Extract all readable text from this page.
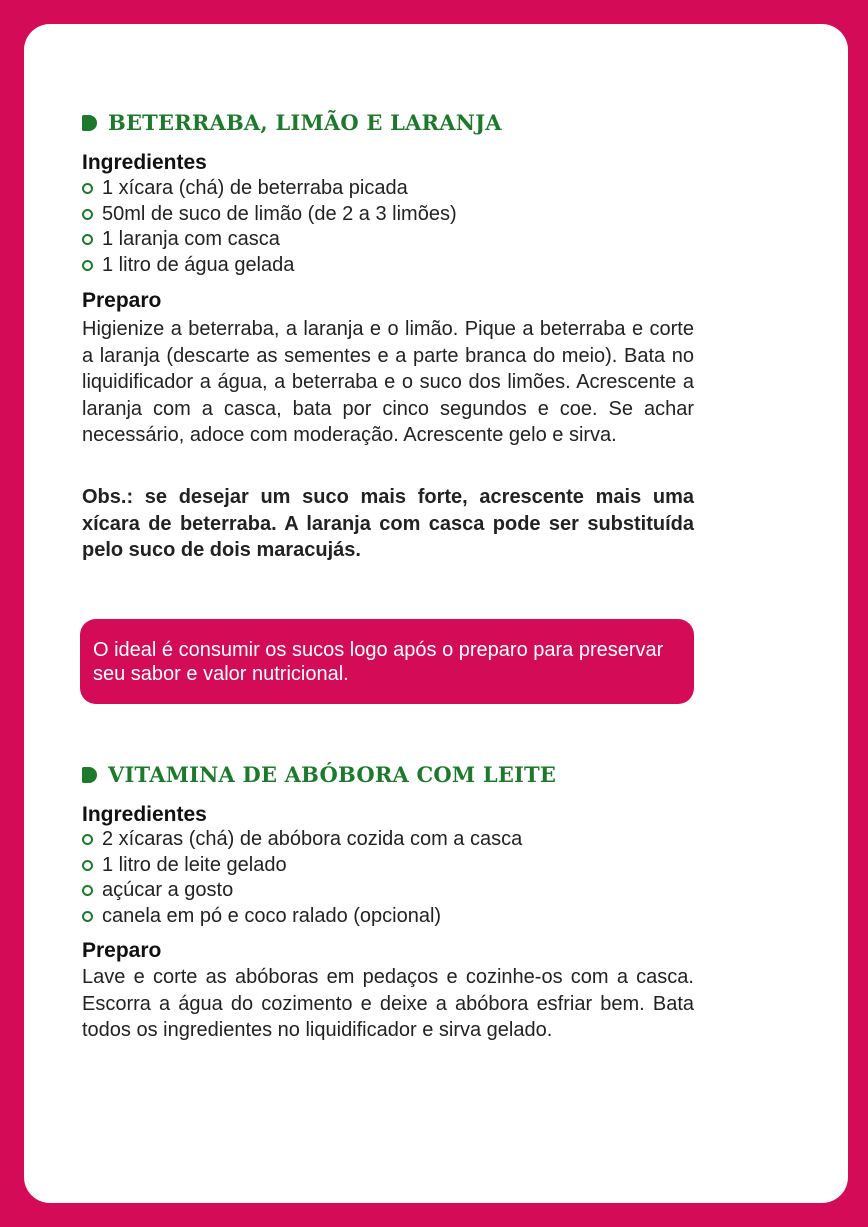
BETERRABA, LIMÃO E LARANJA
Ingredientes
1 xícara (chá) de beterraba picada
50ml de suco de limão (de 2 a 3 limões)
1 laranja com casca
1 litro de água gelada
Preparo

Higienize a beterraba, a laranja e o limão. Pique a beterraba e corte a laranja (descarte as sementes e a parte branca do meio). Bata no liquidificador a água, a beterraba e o suco dos limões. Acrescente a laranja com a casca, bata por cinco segundos e coe. Se achar necessário, adoce com moderação. Acrescente gelo e sirva.

Obs.: se desejar um suco mais forte, acrescente mais uma xícara de beterraba. A laranja com casca pode ser substituída pelo suco de dois maracujás.

O ideal é consumir os sucos logo após o preparo para preservar seu sabor e valor nutricional.
VITAMINA DE ABÓBORA COM LEITE
Ingredientes
2 xícaras (chá) de abóbora cozida com a casca
1 litro de leite gelado
açúcar a gosto
canela em pó e coco ralado (opcional)
Preparo

Lave e corte as abóboras em pedaços e cozinhe-os com a casca. Escorra a água do cozimento e deixe a abóbora esfriar bem. Bata todos os ingredientes no liquidificador e sirva gelado.
